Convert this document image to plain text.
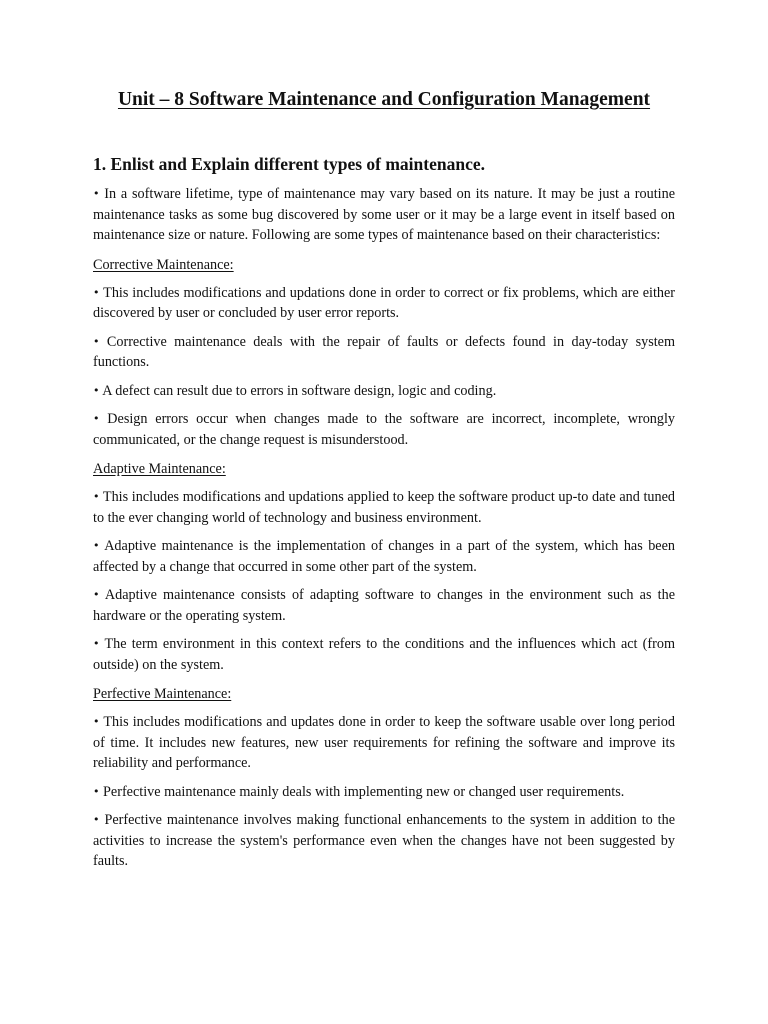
Unit – 8 Software Maintenance and Configuration Management
1. Enlist and Explain different types of maintenance.

• In a software lifetime, type of maintenance may vary based on its nature. It may be just a routine maintenance tasks as some bug discovered by some user or it may be a large event in itself based on maintenance size or nature. Following are some types of maintenance based on their characteristics:

Corrective Maintenance:

• This includes modifications and updations done in order to correct or fix problems, which are either discovered by user or concluded by user error reports.

• Corrective maintenance deals with the repair of faults or defects found in day-today system functions.

• A defect can result due to errors in software design, logic and coding.

• Design errors occur when changes made to the software are incorrect, incomplete, wrongly communicated, or the change request is misunderstood.

Adaptive Maintenance:

• This includes modifications and updations applied to keep the software product up-to date and tuned to the ever changing world of technology and business environment.

• Adaptive maintenance is the implementation of changes in a part of the system, which has been affected by a change that occurred in some other part of the system.

• Adaptive maintenance consists of adapting software to changes in the environment such as the hardware or the operating system.

• The term environment in this context refers to the conditions and the influences which act (from outside) on the system.

Perfective Maintenance:

• This includes modifications and updates done in order to keep the software usable over long period of time. It includes new features, new user requirements for refining the software and improve its reliability and performance.

• Perfective maintenance mainly deals with implementing new or changed user requirements.

• Perfective maintenance involves making functional enhancements to the system in addition to the activities to increase the system's performance even when the changes have not been suggested by faults.
